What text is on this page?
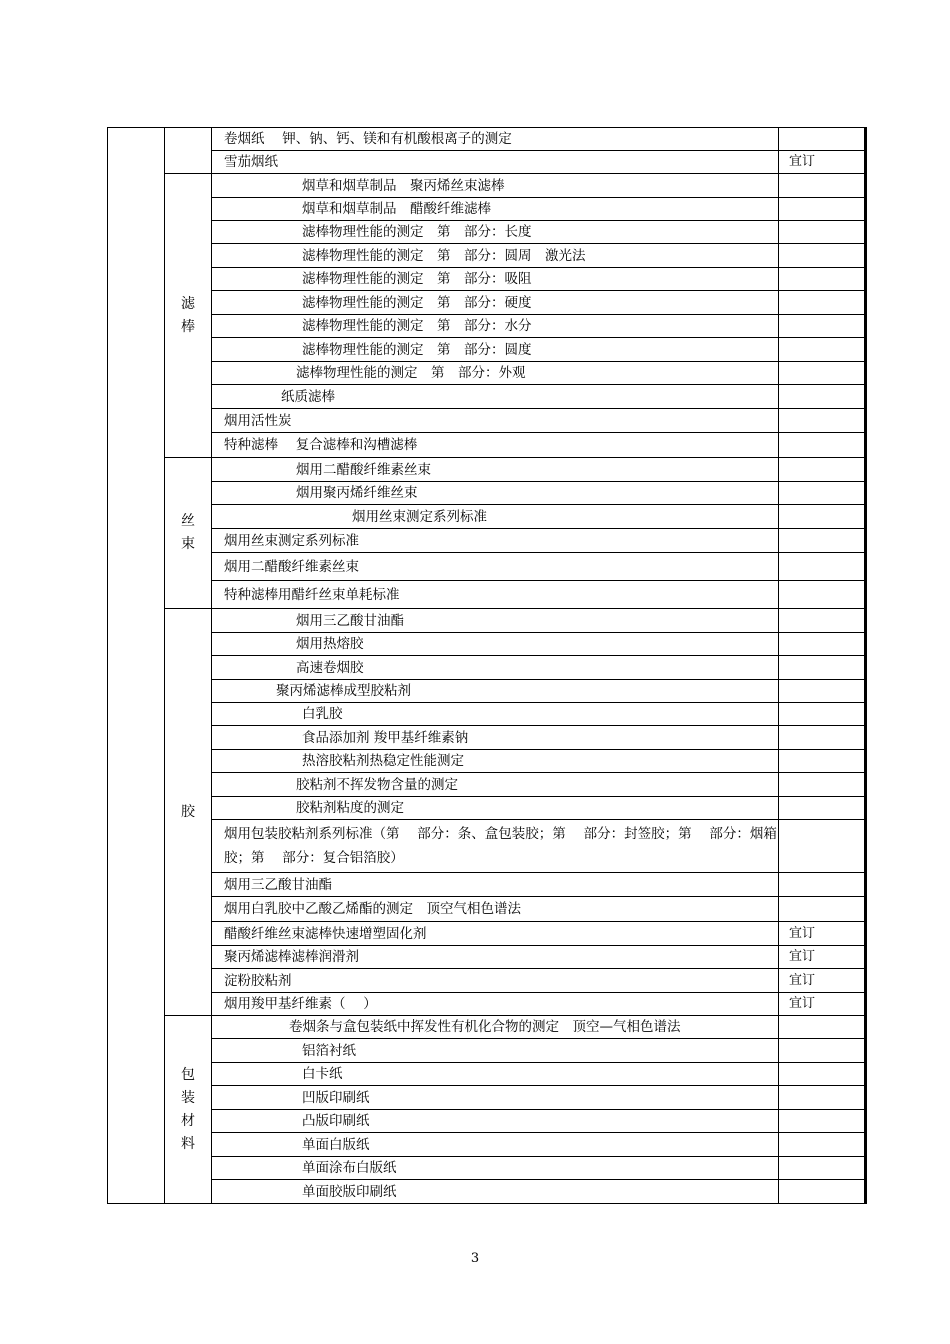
		卷烟纸　 钾、钠、钙、镁和有机酸根离子的测定	
		雪茄烟纸	宜订
	滤　棒	烟草和烟草制品　聚丙烯丝束滤棒	
		烟草和烟草制品　醋酸纤维滤棒	
		滤棒物理性能的测定　第　部分：长度	
		滤棒物理性能的测定　第　部分：圆周　激光法	
		滤棒物理性能的测定　第　部分：吸阻	
		滤棒物理性能的测定　第　部分：硬度	
		滤棒物理性能的测定　第　部分：水分	
		滤棒物理性能的测定　第　部分：圆度	
		滤棒物理性能的测定　第　部分：外观	
		纸质滤棒	
		烟用活性炭	
		特种滤棒　 复合滤棒和沟槽滤棒	
	丝　束	烟用二醋酸纤维素丝束	
		烟用聚丙烯纤维丝束	
		烟用丝束测定系列标准	
		烟用丝束测定系列标准	
		烟用二醋酸纤维素丝束	
		特种滤棒用醋纤丝束单耗标准	
	胶	烟用三乙酸甘油酯	
		烟用热熔胶	
		高速卷烟胶	
		聚丙烯滤棒成型胶粘剂	
		白乳胶	
		食品添加剂 羧甲基纤维素钠	
		热溶胶粘剂热稳定性能测定	
		胶粘剂不挥发物含量的测定	
		胶粘剂粘度的测定	
		烟用包装胶粘剂系列标准（第　 部分：条、盒包装胶；第　 部分：封签胶；第　 部分：烟箱胶；第　 部分：复合铝箔胶）	
		烟用三乙酸甘油酯	
		烟用白乳胶中乙酸乙烯酯的测定　顶空气相色谱法	
		醋酸纤维丝束滤棒快速增塑固化剂	宜订
		聚丙烯滤棒滤棒润滑剂	宜订
		淀粉胶粘剂	宜订
		烟用羧甲基纤维素（　 ）	宜订
	包装材料	卷烟条与盒包装纸中挥发性有机化合物的测定　顶空—气相色谱法	
		铝箔衬纸	
		白卡纸	
		凹版印刷纸	
		凸版印刷纸	
		单面白版纸	
		单面涂布白版纸	
		单面胶版印刷纸	
3
